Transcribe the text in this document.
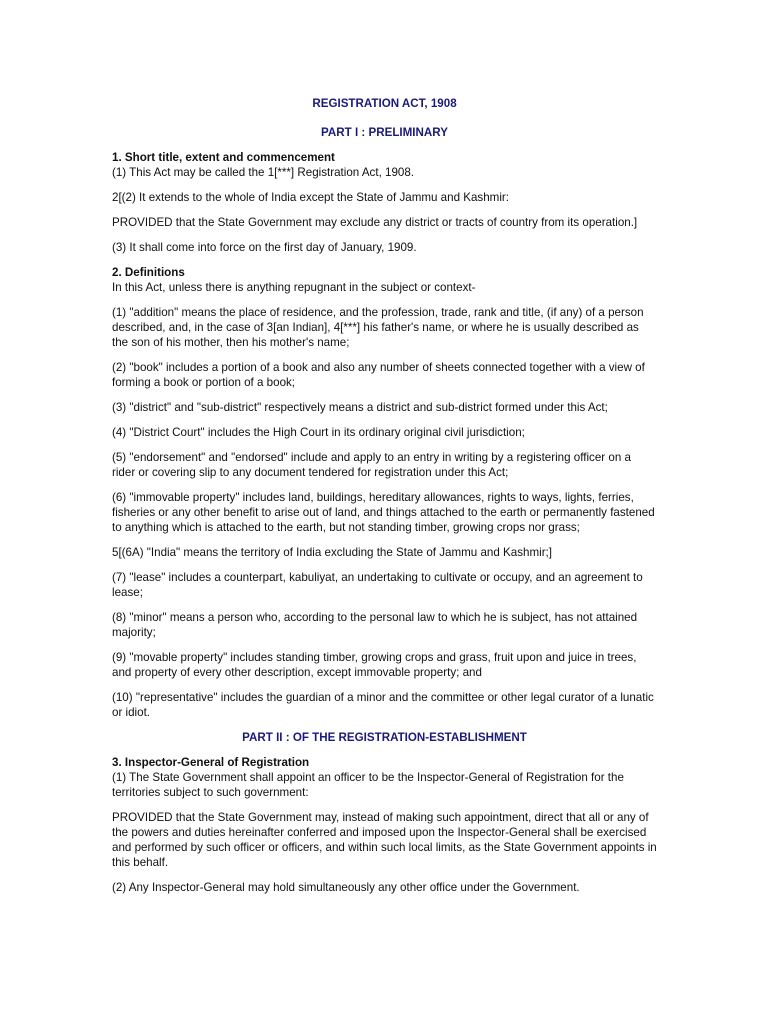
REGISTRATION ACT, 1908

PART I : PRELIMINARY

1. Short title, extent and commencement

(1) This Act may be called the 1[***] Registration Act, 1908.

2[(2) It extends to the whole of India except the State of Jammu and Kashmir:

PROVIDED that the State Government may exclude any district or tracts of country from its operation.]

(3) It shall come into force on the first day of January, 1909.

2. Definitions

In this Act, unless there is anything repugnant in the subject or context-

(1) "addition" means the place of residence, and the profession, trade, rank and title, (if any) of a person described, and, in the case of 3[an Indian], 4[***] his father's name, or where he is usually described as the son of his mother, then his mother's name;

(2) "book" includes a portion of a book and also any number of sheets connected together with a view of forming a book or portion of a book;

(3) "district" and "sub-district" respectively means a district and sub-district formed under this Act;

(4) "District Court" includes the High Court in its ordinary original civil jurisdiction;

(5) "endorsement" and "endorsed" include and apply to an entry in writing by a registering officer on a rider or covering slip to any document tendered for registration under this Act;

(6) "immovable property" includes land, buildings, hereditary allowances, rights to ways, lights, ferries, fisheries or any other benefit to arise out of land, and things attached to the earth or permanently fastened to anything which is attached to the earth, but not standing timber, growing crops nor grass;

5[(6A) "India" means the territory of India excluding the State of Jammu and Kashmir;]

(7) "lease" includes a counterpart, kabuliyat, an undertaking to cultivate or occupy, and an agreement to lease;

(8) "minor" means a person who, according to the personal law to which he is subject, has not attained majority;

(9) "movable property" includes standing timber, growing crops and grass, fruit upon and juice in trees, and property of every other description, except immovable property; and

(10) "representative" includes the guardian of a minor and the committee or other legal curator of a lunatic or idiot.

PART II : OF THE REGISTRATION-ESTABLISHMENT

3. Inspector-General of Registration

(1) The State Government shall appoint an officer to be the Inspector-General of Registration for the territories subject to such government:

PROVIDED that the State Government may, instead of making such appointment, direct that all or any of the powers and duties hereinafter conferred and imposed upon the Inspector-General shall be exercised and performed by such officer or officers, and within such local limits, as the State Government appoints in this behalf.

(2) Any Inspector-General may hold simultaneously any other office under the Government.
